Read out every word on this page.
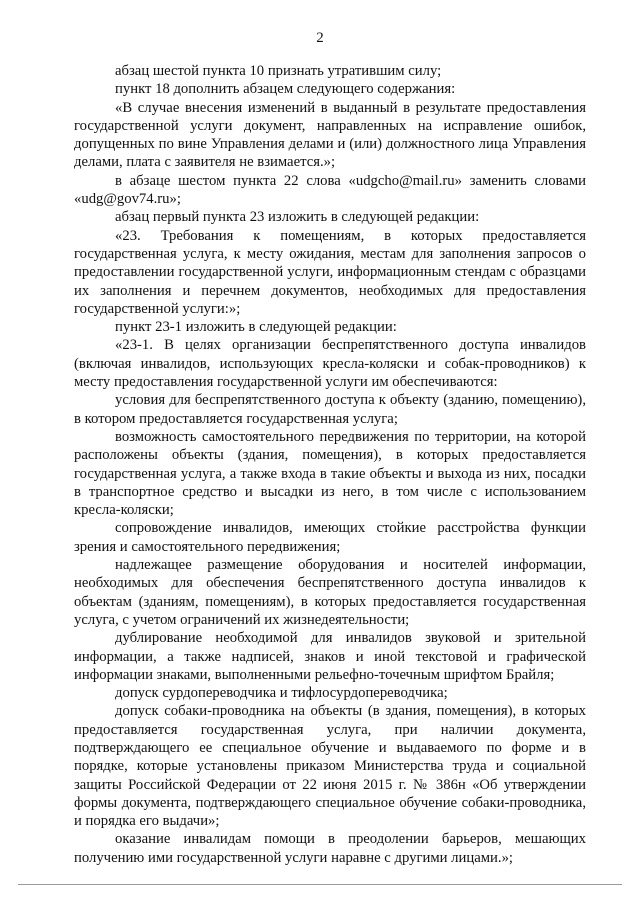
2

абзац шестой пункта 10 признать утратившим силу;

пункт 18 дополнить абзацем следующего содержания:

«В случае внесения изменений в выданный в результате предоставления государственной услуги документ, направленных на исправление ошибок, допущенных по вине Управления делами и (или) должностного лица Управления делами, плата с заявителя не взимается.»;

в абзаце шестом пункта 22 слова «udgcho@mail.ru» заменить словами «udg@gov74.ru»;

абзац первый пункта 23 изложить в следующей редакции:

«23. Требования к помещениям, в которых предоставляется государственная услуга, к месту ожидания, местам для заполнения запросов о предоставлении государственной услуги, информационным стендам с образцами их заполнения и перечнем документов, необходимых для предоставления государственной услуги:»;

пункт 23-1 изложить в следующей редакции:

«23-1. В целях организации беспрепятственного доступа инвалидов (включая инвалидов, использующих кресла-коляски и собак-проводников) к месту предоставления государственной услуги им обеспечиваются:

условия для беспрепятственного доступа к объекту (зданию, помещению), в котором предоставляется государственная услуга;

возможность самостоятельного передвижения по территории, на которой расположены объекты (здания, помещения), в которых предоставляется государственная услуга, а также входа в такие объекты и выхода из них, посадки в транспортное средство и высадки из него, в том числе с использованием кресла-коляски;

сопровождение инвалидов, имеющих стойкие расстройства функции зрения и самостоятельного передвижения;

надлежащее размещение оборудования и носителей информации, необходимых для обеспечения беспрепятственного доступа инвалидов к объектам (зданиям, помещениям), в которых предоставляется государственная услуга, с учетом ограничений их жизнедеятельности;

дублирование необходимой для инвалидов звуковой и зрительной информации, а также надписей, знаков и иной текстовой и графической информации знаками, выполненными рельефно-точечным шрифтом Брайля;

допуск сурдопереводчика и тифлосурдопереводчика;

допуск собаки-проводника на объекты (в здания, помещения), в которых предоставляется государственная услуга, при наличии документа, подтверждающего ее специальное обучение и выдаваемого по форме и в порядке, которые установлены приказом Министерства труда и социальной защиты Российской Федерации от 22 июня 2015 г. № 386н «Об утверждении формы документа, подтверждающего специальное обучение собаки-проводника, и порядка его выдачи»;

оказание инвалидам помощи в преодолении барьеров, мешающих получению ими государственной услуги наравне с другими лицами.»;
